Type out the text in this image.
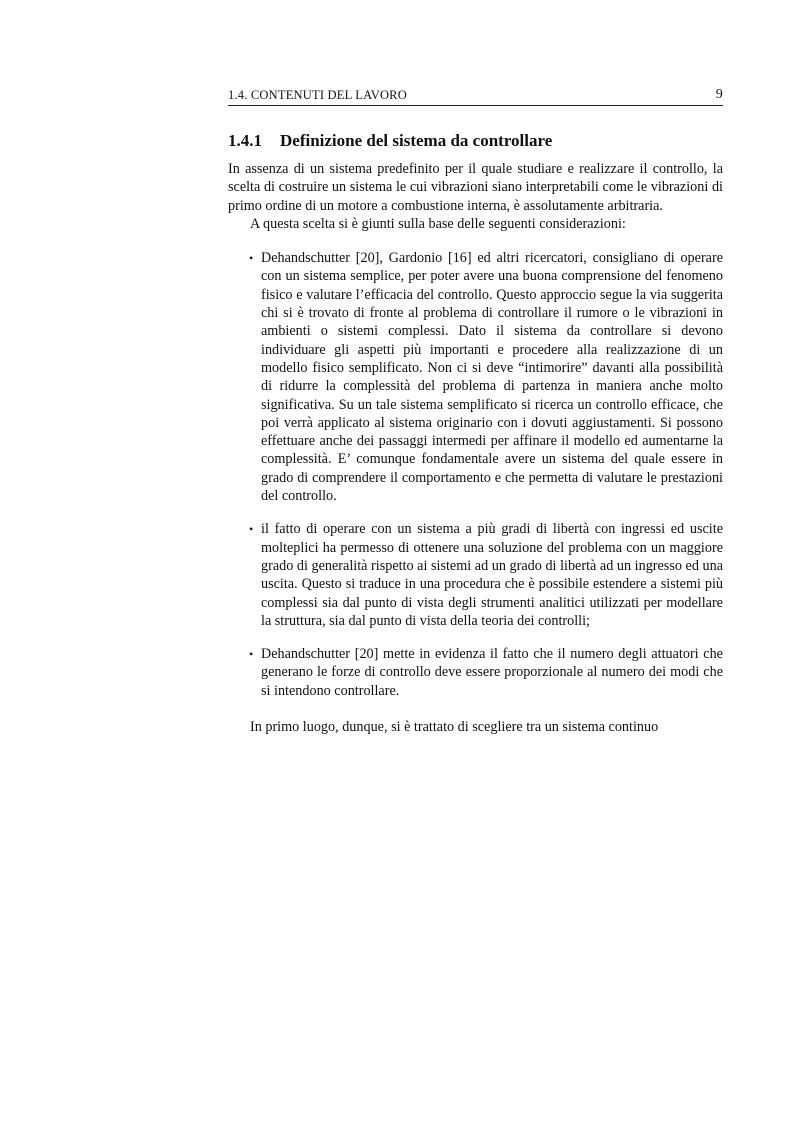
1.4. CONTENUTI DEL LAVORO	9
1.4.1 Definizione del sistema da controllare

In assenza di un sistema predefinito per il quale studiare e realizzare il controllo, la scelta di costruire un sistema le cui vibrazioni siano interpretabili come le vibrazioni di primo ordine di un motore a combustione interna, è assolutamente arbitraria.

A questa scelta si è giunti sulla base delle seguenti considerazioni:

• Dehandschutter [20], Gardonio [16] ed altri ricercatori, consigliano di operare con un sistema semplice, per poter avere una buona comprensione del fenomeno fisico e valutare l’efficacia del controllo. Questo approccio segue la via suggerita chi si è trovato di fronte al problema di controllare il rumore o le vibrazioni in ambienti o sistemi complessi. Dato il sistema da controllare si devono individuare gli aspetti più importanti e procedere alla realizzazione di un modello fisico semplificato. Non ci si deve “intimorire” davanti alla possibilità di ridurre la complessità del problema di partenza in maniera anche molto significativa. Su un tale sistema semplificato si ricerca un controllo efficace, che poi verrà applicato al sistema originario con i dovuti aggiustamenti. Si possono effettuare anche dei passaggi intermedi per affinare il modello ed aumentarne la complessità. E’ comunque fondamentale avere un sistema del quale essere in grado di comprendere il comportamento e che permetta di valutare le prestazioni del controllo.
• il fatto di operare con un sistema a più gradi di libertà con ingressi ed uscite molteplici ha permesso di ottenere una soluzione del problema con un maggiore grado di generalità rispetto ai sistemi ad un grado di libertà ad un ingresso ed una uscita. Questo si traduce in una procedura che è possibile estendere a sistemi più complessi sia dal punto di vista degli strumenti analitici utilizzati per modellare la struttura, sia dal punto di vista della teoria dei controlli;
• Dehandschutter [20] mette in evidenza il fatto che il numero degli attuatori che generano le forze di controllo deve essere proporzionale al numero dei modi che si intendono controllare.

In primo luogo, dunque, si è trattato di scegliere tra un sistema continuo
